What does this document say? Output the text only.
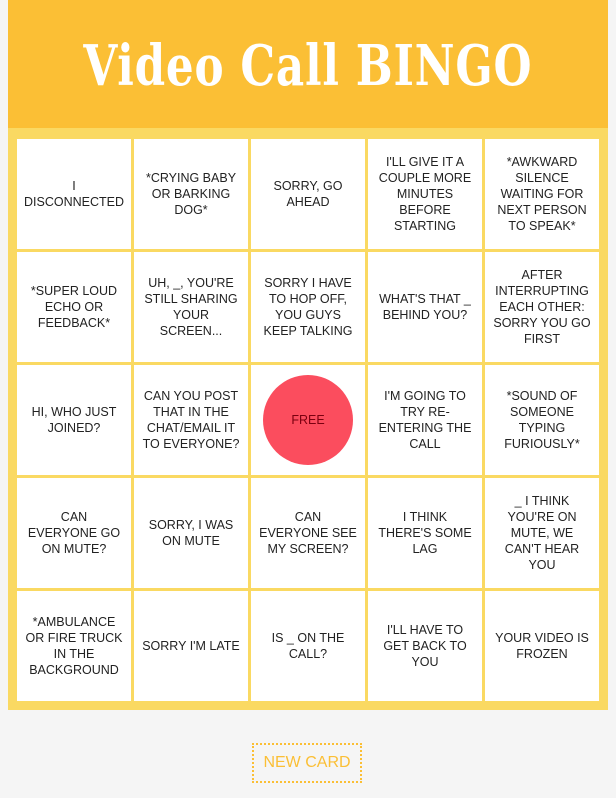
Video Call BINGO
I DISCONNECTED
*CRYING BABY OR BARKING DOG*
SORRY, GO AHEAD
I'LL GIVE IT A COUPLE MORE MINUTES BEFORE STARTING
*AWKWARD SILENCE WAITING FOR NEXT PERSON TO SPEAK*
*SUPER LOUD ECHO OR FEEDBACK*
UH, _, YOU'RE STILL SHARING YOUR SCREEN...
SORRY I HAVE TO HOP OFF, YOU GUYS KEEP TALKING
WHAT'S THAT _ BEHIND YOU?
AFTER INTERRUPTING EACH OTHER: SORRY YOU GO FIRST
HI, WHO JUST JOINED?
CAN YOU POST THAT IN THE CHAT/EMAIL IT TO EVERYONE?
FREE
I'M GOING TO TRY RE-ENTERING THE CALL
*SOUND OF SOMEONE TYPING FURIOUSLY*
CAN EVERYONE GO ON MUTE?
SORRY, I WAS ON MUTE
CAN EVERYONE SEE MY SCREEN?
I THINK THERE'S SOME LAG
_ I THINK YOU'RE ON MUTE, WE CAN'T HEAR YOU
*AMBULANCE OR FIRE TRUCK IN THE BACKGROUND
SORRY I'M LATE
IS _ ON THE CALL?
I'LL HAVE TO GET BACK TO YOU
YOUR VIDEO IS FROZEN
NEW CARD
